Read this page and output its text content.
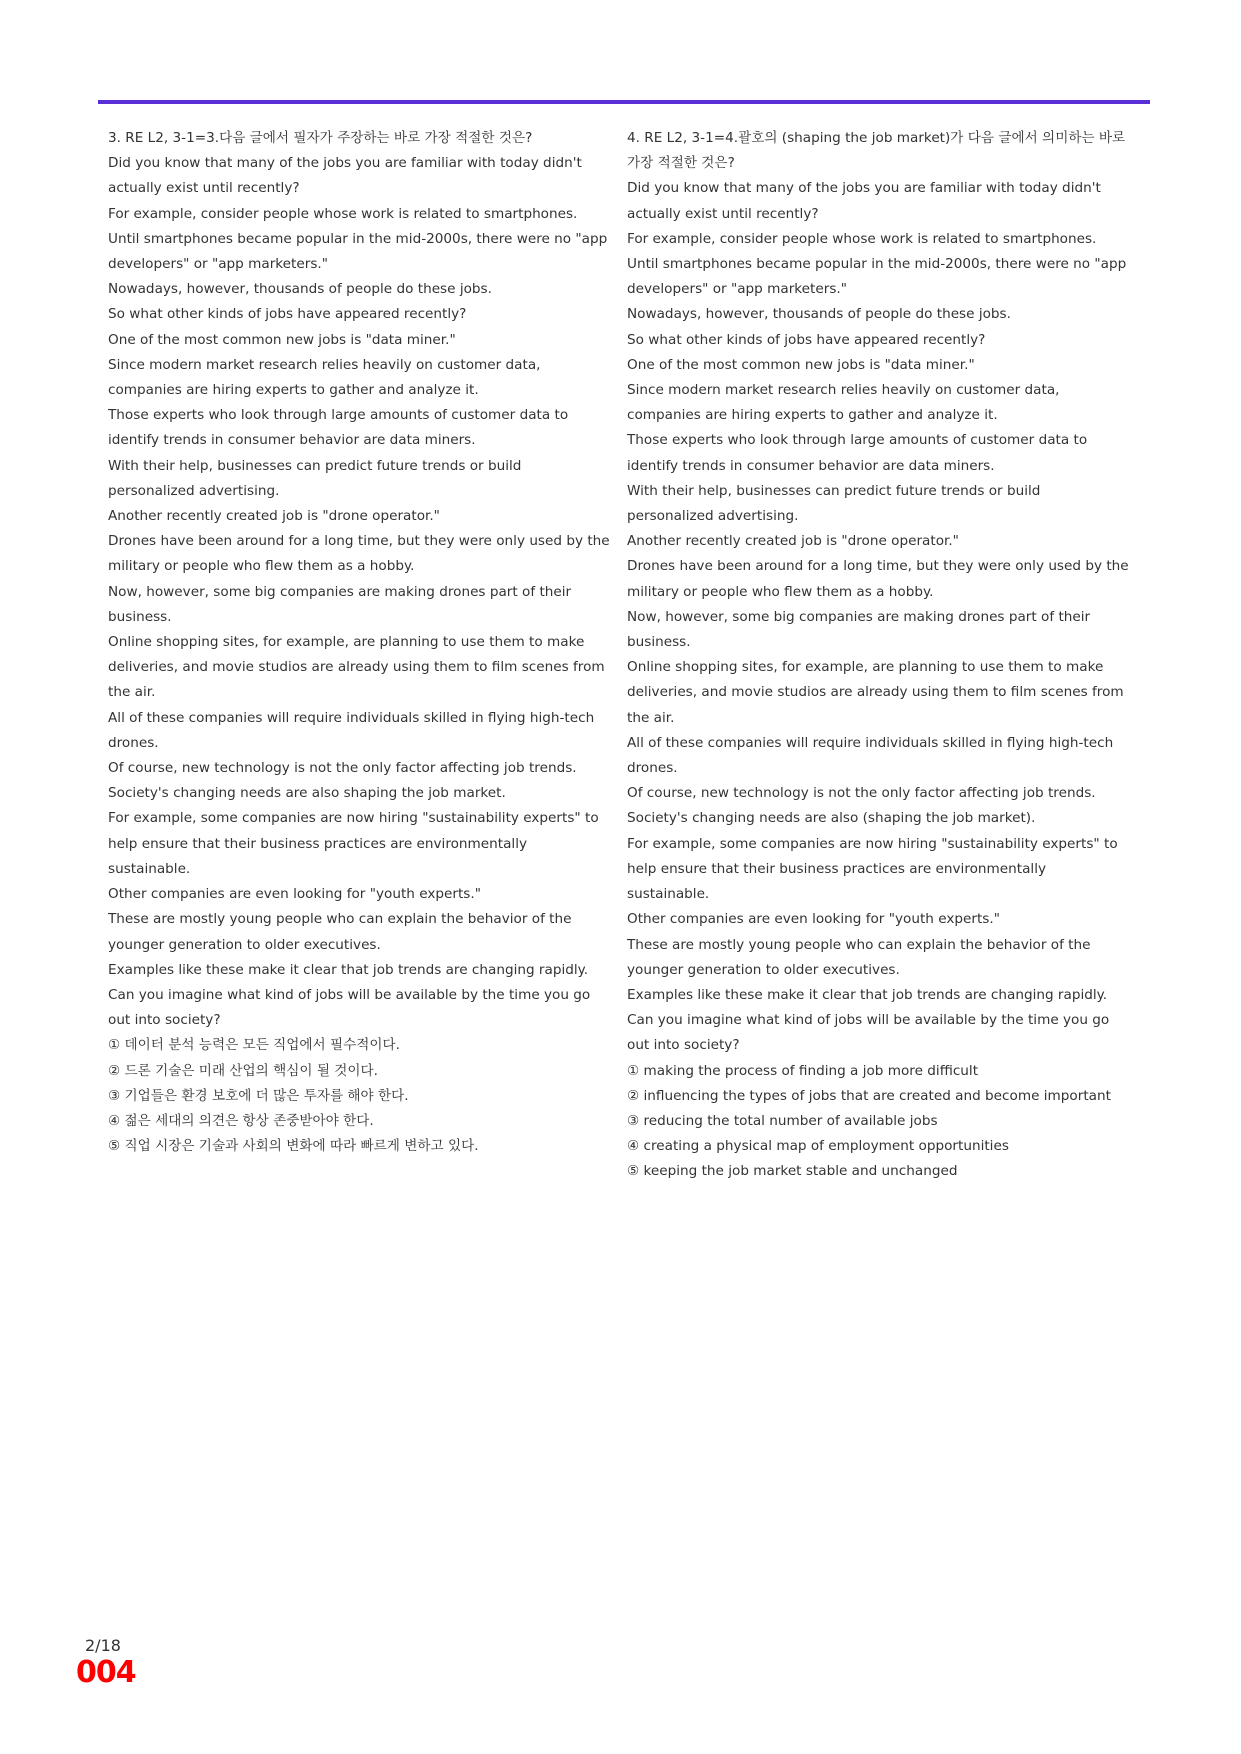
3. RE L2, 3-1=3.다음 글에서 필자가 주장하는 바로 가장 적절한 것은?

Did you know that many of the jobs you are familiar with today didn't actually exist until recently?

For example, consider people whose work is related to smartphones.

Until smartphones became popular in the mid-2000s, there were no "app developers" or "app marketers."

Nowadays, however, thousands of people do these jobs.

So what other kinds of jobs have appeared recently?

One of the most common new jobs is "data miner."

Since modern market research relies heavily on customer data, companies are hiring experts to gather and analyze it.

Those experts who look through large amounts of customer data to identify trends in consumer behavior are data miners.

With their help, businesses can predict future trends or build personalized advertising.

Another recently created job is "drone operator."

Drones have been around for a long time, but they were only used by the military or people who flew them as a hobby.

Now, however, some big companies are making drones part of their business.

Online shopping sites, for example, are planning to use them to make deliveries, and movie studios are already using them to film scenes from the air.

All of these companies will require individuals skilled in flying high-tech drones.

Of course, new technology is not the only factor affecting job trends.

Society's changing needs are also shaping the job market.

For example, some companies are now hiring "sustainability experts" to help ensure that their business practices are environmentally sustainable.

Other companies are even looking for "youth experts."

These are mostly young people who can explain the behavior of the younger generation to older executives.

Examples like these make it clear that job trends are changing rapidly.

Can you imagine what kind of jobs will be available by the time you go out into society?

① 데이터 분석 능력은 모든 직업에서 필수적이다.

② 드론 기술은 미래 산업의 핵심이 될 것이다.

③ 기업들은 환경 보호에 더 많은 투자를 해야 한다.

④ 젊은 세대의 의견은 항상 존중받아야 한다.

⑤ 직업 시장은 기술과 사회의 변화에 따라 빠르게 변하고 있다.

4. RE L2, 3-1=4.괄호의 (shaping the job market)가 다음 글에서 의미하는 바로 가장 적절한 것은?

Did you know that many of the jobs you are familiar with today didn't actually exist until recently?

For example, consider people whose work is related to smartphones.

Until smartphones became popular in the mid-2000s, there were no "app developers" or "app marketers."

Nowadays, however, thousands of people do these jobs.

So what other kinds of jobs have appeared recently?

One of the most common new jobs is "data miner."

Since modern market research relies heavily on customer data, companies are hiring experts to gather and analyze it.

Those experts who look through large amounts of customer data to identify trends in consumer behavior are data miners.

With their help, businesses can predict future trends or build personalized advertising.

Another recently created job is "drone operator."

Drones have been around for a long time, but they were only used by the military or people who flew them as a hobby.

Now, however, some big companies are making drones part of their business.

Online shopping sites, for example, are planning to use them to make deliveries, and movie studios are already using them to film scenes from the air.

All of these companies will require individuals skilled in flying high-tech drones.

Of course, new technology is not the only factor affecting job trends.

Society's changing needs are also (shaping the job market).

For example, some companies are now hiring "sustainability experts" to help ensure that their business practices are environmentally sustainable.

Other companies are even looking for "youth experts."

These are mostly young people who can explain the behavior of the younger generation to older executives.

Examples like these make it clear that job trends are changing rapidly.

Can you imagine what kind of jobs will be available by the time you go out into society?

① making the process of finding a job more difficult

② influencing the types of jobs that are created and become important

③ reducing the total number of available jobs

④ creating a physical map of employment opportunities

⑤ keeping the job market stable and unchanged

2/18
004
